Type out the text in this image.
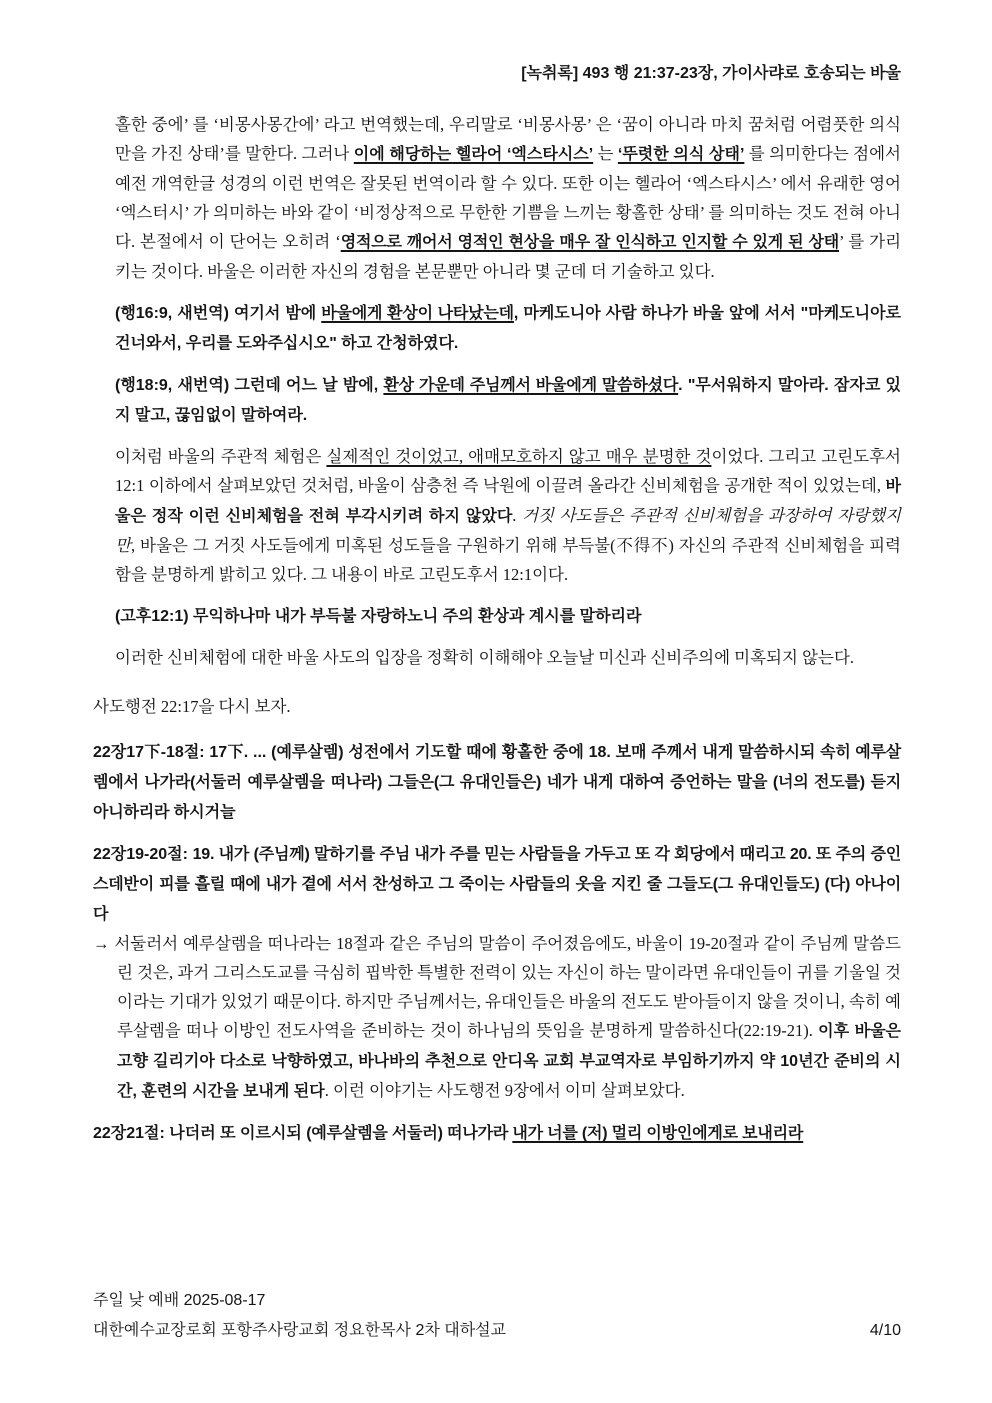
[녹취록] 493 행 21:37-23장, 가이사랴로 호송되는 바울

홀한 중에’ 를 ‘비몽사몽간에’ 라고 번역했는데, 우리말로 ‘비몽사몽’ 은 ‘꿈이 아니라 마치 꿈처럼 어렴풋한 의식만을 가진 상태’를 말한다. 그러나 이에 해당하는 헬라어 ‘엑스타시스’ 는 ‘뚜렷한 의식 상태’ 를 의미한다는 점에서 예전 개역한글 성경의 이런 번역은 잘못된 번역이라 할 수 있다. 또한 이는 헬라어 ‘엑스타시스’ 에서 유래한 영어 ‘엑스터시’ 가 의미하는 바와 같이 ‘비정상적으로 무한한 기쁨을 느끼는 황홀한 상태’ 를 의미하는 것도 전혀 아니다. 본절에서 이 단어는 오히려 ‘영적으로 깨어서 영적인 현상을 매우 잘 인식하고 인지할 수 있게 된 상태’ 를 가리키는 것이다. 바울은 이러한 자신의 경험을 본문뿐만 아니라 몇 군데 더 기술하고 있다.

(행16:9, 새번역) 여기서 밤에 바울에게 환상이 나타났는데, 마케도니아 사람 하나가 바울 앞에 서서 "마케도니아로 건너와서, 우리를 도와주십시오" 하고 간청하였다.

(행18:9, 새번역) 그런데 어느 날 밤에, 환상 가운데 주님께서 바울에게 말씀하셨다. "무서워하지 말아라. 잠자코 있지 말고, 끊임없이 말하여라.

이처럼 바울의 주관적 체험은 실제적인 것이었고, 애매모호하지 않고 매우 분명한 것이었다. 그리고 고린도후서 12:1 이하에서 살펴보았던 것처럼, 바울이 삼층천 즉 낙원에 이끌려 올라간 신비체험을 공개한 적이 있었는데, 바울은 정작 이런 신비체험을 전혀 부각시키려 하지 않았다. 거짓 사도들은 주관적 신비체험을 과장하여 자랑했지만, 바울은 그 거짓 사도들에게 미혹된 성도들을 구원하기 위해 부득불(不得不) 자신의 주관적 신비체험을 피력함을 분명하게 밝히고 있다. 그 내용이 바로 고린도후서 12:1이다.

(고후12:1) 무익하나마 내가 부득불 자랑하노니 주의 환상과 계시를 말하리라

이러한 신비체험에 대한 바울 사도의 입장을 정확히 이해해야 오늘날 미신과 신비주의에 미혹되지 않는다.

사도행전 22:17을 다시 보자.

22장17下-18절: 17下. ... (예루살렘) 성전에서 기도할 때에 황홀한 중에 18. 보매 주께서 내게 말씀하시되 속히 예루살렘에서 나가라(서둘러 예루살렘을 떠나라) 그들은(그 유대인들은) 네가 내게 대하여 증언하는 말을 (너의 전도를) 듣지 아니하리라 하시거늘

22장19-20절: 19. 내가 (주님께) 말하기를 주님 내가 주를 믿는 사람들을 가두고 또 각 회당에서 때리고 20. 또 주의 증인 스데반이 피를 흘릴 때에 내가 곁에 서서 찬성하고 그 죽이는 사람들의 옷을 지킨 줄 그들도(그 유대인들도) (다) 아나이다

→ 서둘러서 예루살렘을 떠나라는 18절과 같은 주님의 말씀이 주어졌음에도, 바울이 19-20절과 같이 주님께 말씀드린 것은, 과거 그리스도교를 극심히 핍박한 특별한 전력이 있는 자신이 하는 말이라면 유대인들이 귀를 기울일 것이라는 기대가 있었기 때문이다. 하지만 주님께서는, 유대인들은 바울의 전도도 받아들이지 않을 것이니, 속히 예루살렘을 떠나 이방인 전도사역을 준비하는 것이 하나님의 뜻임을 분명하게 말씀하신다(22:19-21). 이후 바울은 고향 길리기아 다소로 낙향하였고, 바나바의 추천으로 안디옥 교회 부교역자로 부임하기까지 약 10년간 준비의 시간, 훈련의 시간을 보내게 된다. 이런 이야기는 사도행전 9장에서 이미 살펴보았다.

22장21절: 나더러 또 이르시되 (예루살렘을 서둘러) 떠나가라 내가 너를 (저) 멀리 이방인에게로 보내리라

주일 낮 예배 2025-08-17
대한예수교장로회 포항주사랑교회 정요한목사 2차 대하설교	4/10
